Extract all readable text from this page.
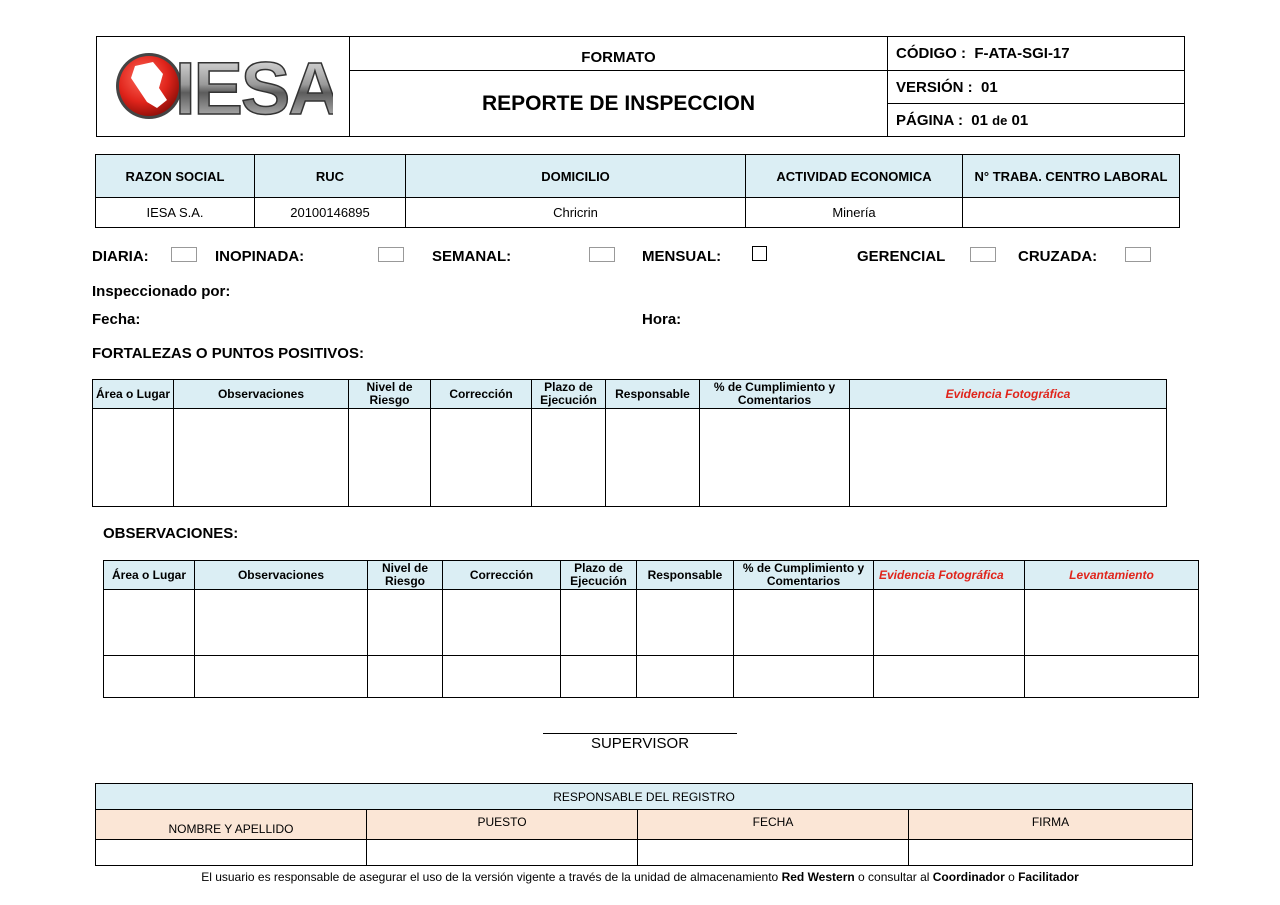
IESA	FORMATO	CÓDIGO : F-ATA-SGI-17
	REPORTE DE INSPECCION	VERSIÓN : 01
		PÁGINA : 01 de 01
RAZON SOCIAL	RUC	DOMICILIO	ACTIVIDAD ECONOMICA	N° TRABA. CENTRO LABORAL
IESA S.A.	20100146895	Chricrin	Minería	
DIARIA:	INOPINADA:	SEMANAL:	MENSUAL:	GERENCIAL	CRUZADA:
Inspeccionado por:
Fecha:	Hora:
FORTALEZAS O PUNTOS POSITIVOS:
Área o Lugar	Observaciones	Nivel de Riesgo	Corrección	Plazo de Ejecución	Responsable	% de Cumplimiento y Comentarios	Evidencia Fotográfica

OBSERVACIONES:
Área o Lugar	Observaciones	Nivel de Riesgo	Corrección	Plazo de Ejecución	Responsable	% de Cumplimiento y Comentarios	Evidencia Fotográfica	Levantamiento

SUPERVISOR
RESPONSABLE DEL REGISTRO			
NOMBRE Y APELLIDO	PUESTO	FECHA	FIRMA

El usuario es responsable de asegurar el uso de la versión vigente a través de la unidad de almacenamiento Red Western o consultar al Coordinador o Facilitador
